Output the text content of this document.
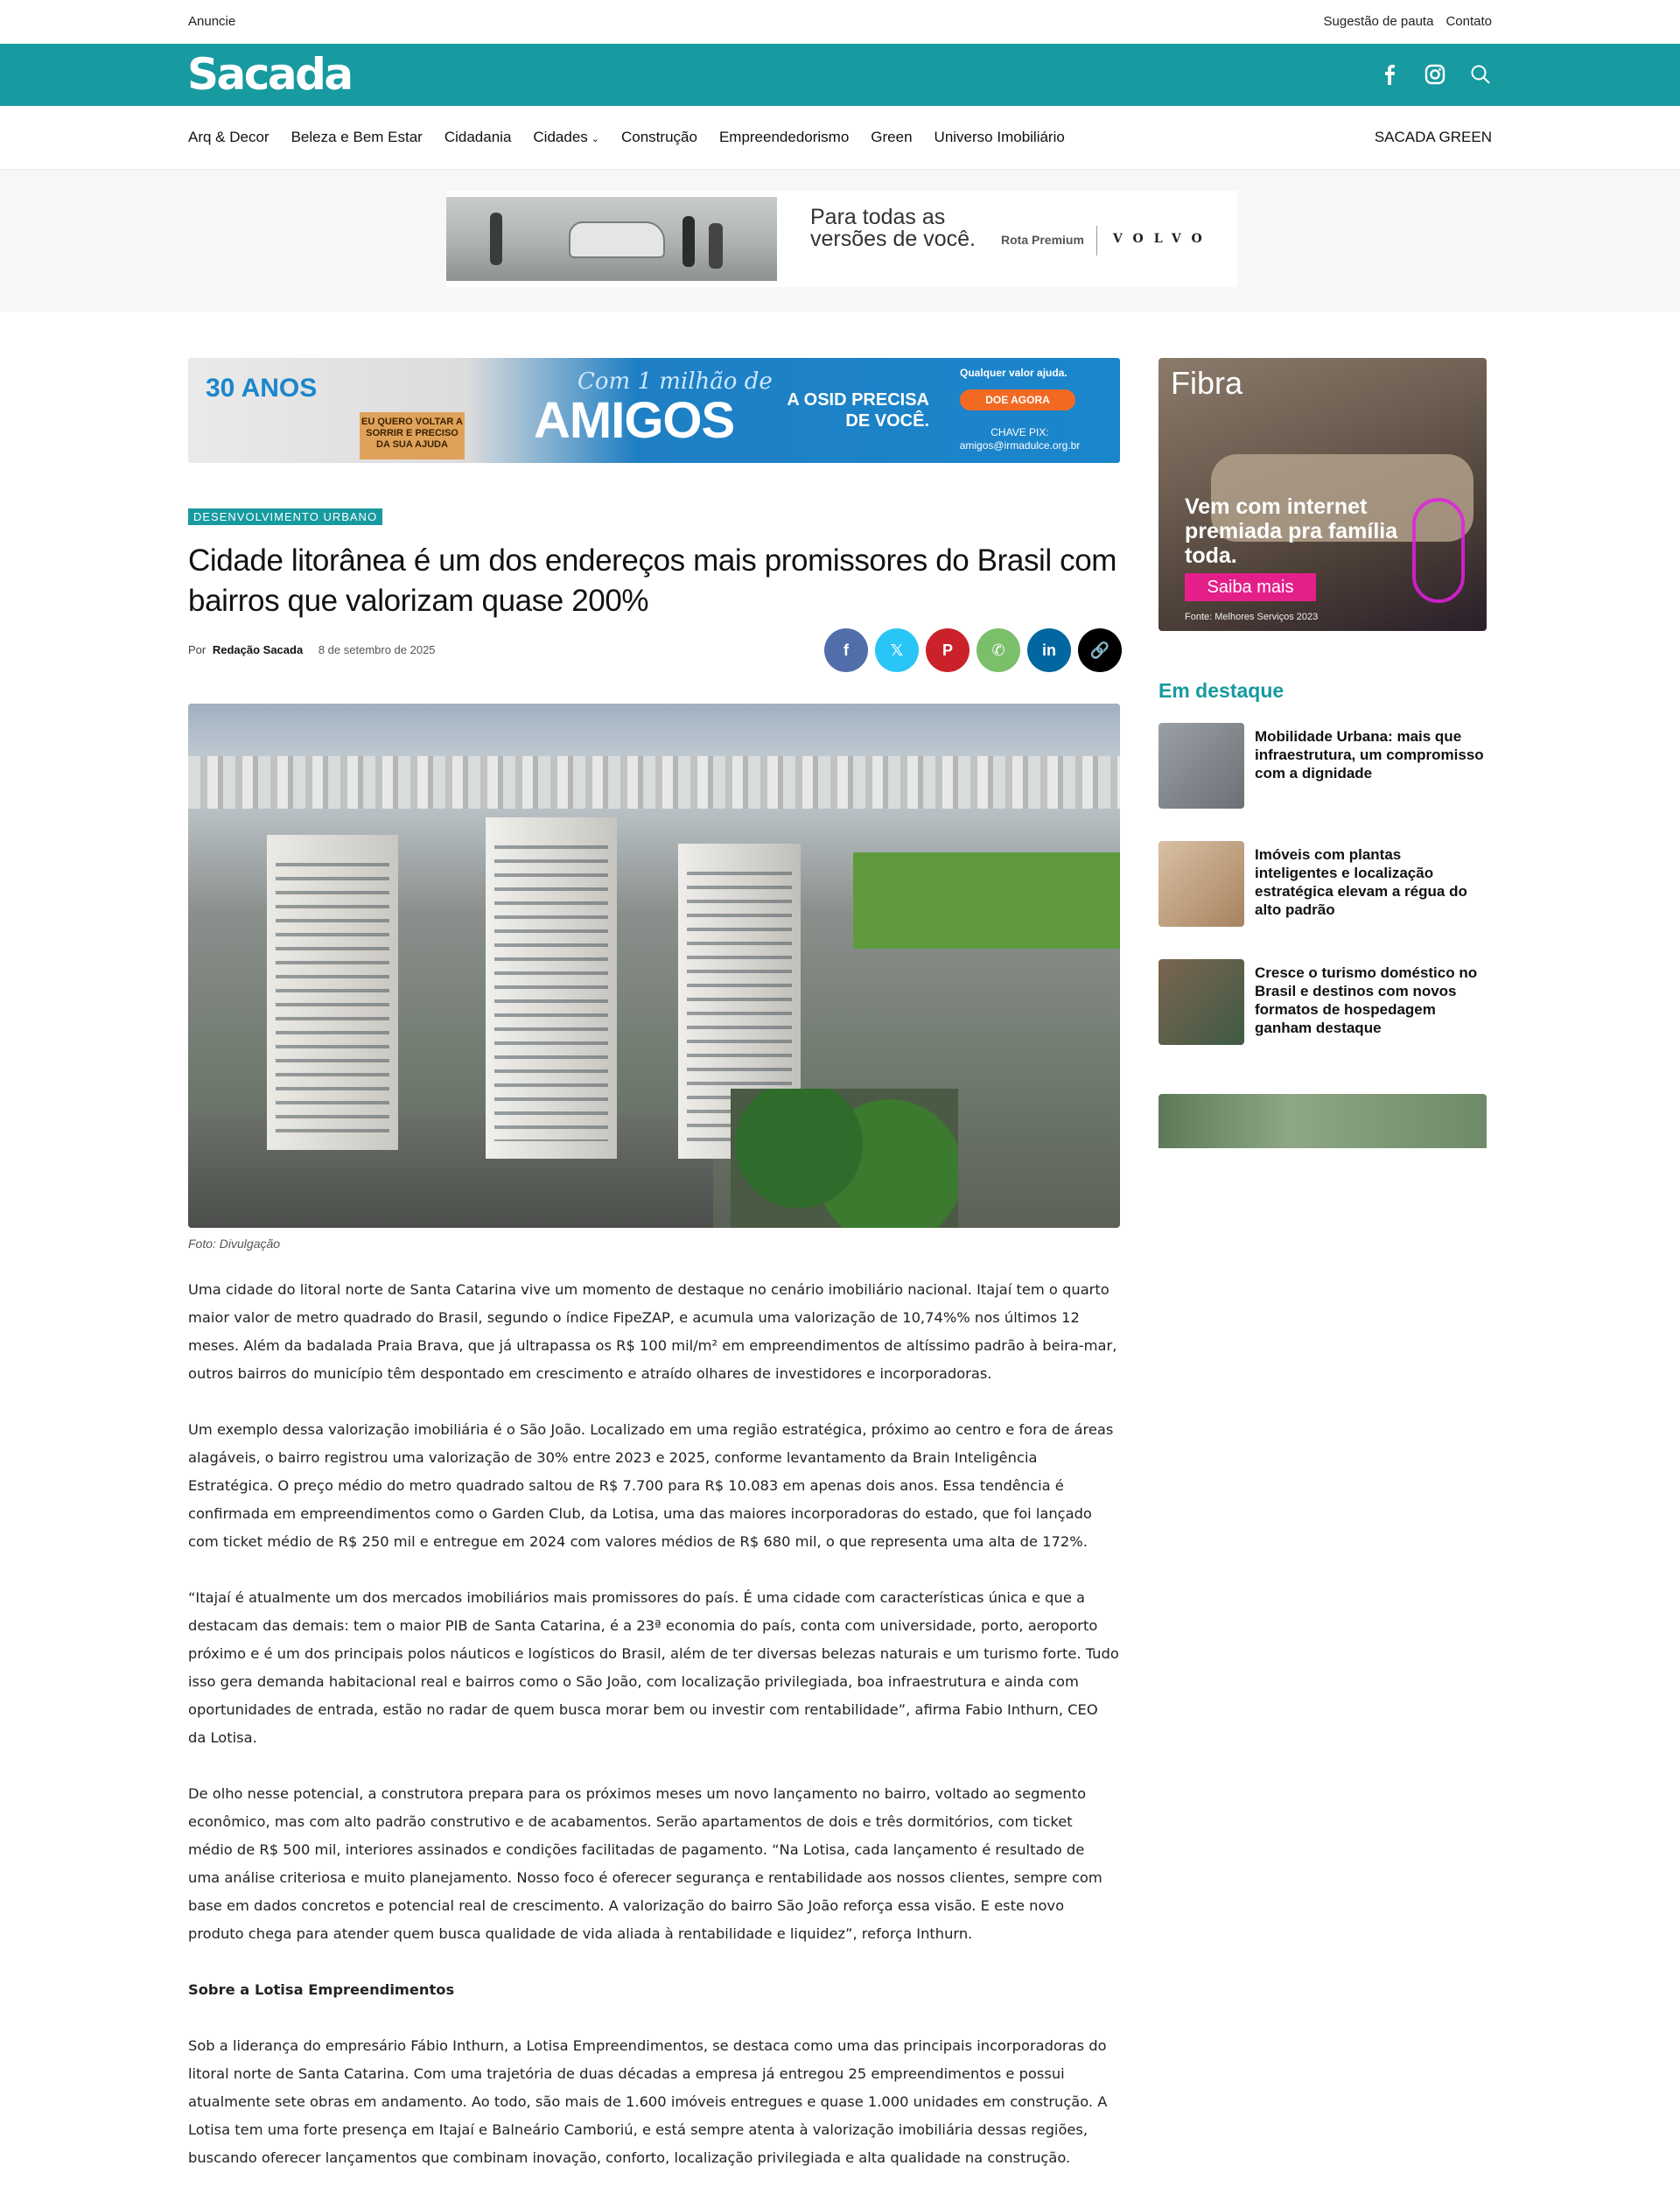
Anuncie	Sugestão de pauta Contato
Sacada
Arq & Decor Beleza e Bem Estar Cidadania Cidades ⌄ Construção Empreendedorismo Green Universo Imobiliário	SACADA GREEN
Para todas as versões de você. Rota Premium VOLVO
30 ANOS
EU QUERO VOLTAR A SORRIR E PRECISO DA SUA AJUDA
Com 1 milhão de
AMIGOS	A OSID PRECISA DE VOCÊ.
Qualquer valor ajuda.
DOE AGORA
CHAVE PIX:
amigos@irmadulce.org.br
DESENVOLVIMENTO URBANO
Cidade litorânea é um dos endereços mais promissores do Brasil com bairros que valorizam quase 200%
Por Redação Sacada 8 de setembro de 2025	f	𝕏	P	✆	in	🔗
Foto: Divulgação

Uma cidade do litoral norte de Santa Catarina vive um momento de destaque no cenário imobiliário nacional. Itajaí tem o quarto maior valor de metro quadrado do Brasil, segundo o índice FipeZAP, e acumula uma valorização de 10,74%% nos últimos 12 meses. Além da badalada Praia Brava, que já ultrapassa os R$ 100 mil/m² em empreendimentos de altíssimo padrão à beira-mar, outros bairros do município têm despontado em crescimento e atraído olhares de investidores e incorporadoras.

Um exemplo dessa valorização imobiliária é o São João. Localizado em uma região estratégica, próximo ao centro e fora de áreas alagáveis, o bairro registrou uma valorização de 30% entre 2023 e 2025, conforme levantamento da Brain Inteligência Estratégica. O preço médio do metro quadrado saltou de R$ 7.700 para R$ 10.083 em apenas dois anos. Essa tendência é confirmada em empreendimentos como o Garden Club, da Lotisa, uma das maiores incorporadoras do estado, que foi lançado com ticket médio de R$ 250 mil e entregue em 2024 com valores médios de R$ 680 mil, o que representa uma alta de 172%.

“Itajaí é atualmente um dos mercados imobiliários mais promissores do país. É uma cidade com características única e que a destacam das demais: tem o maior PIB de Santa Catarina, é a 23ª economia do país, conta com universidade, porto, aeroporto próximo e é um dos principais polos náuticos e logísticos do Brasil, além de ter diversas belezas naturais e um turismo forte. Tudo isso gera demanda habitacional real e bairros como o São João, com localização privilegiada, boa infraestrutura e ainda com oportunidades de entrada, estão no radar de quem busca morar bem ou investir com rentabilidade”, afirma Fabio Inthurn, CEO da Lotisa.

De olho nesse potencial, a construtora prepara para os próximos meses um novo lançamento no bairro, voltado ao segmento econômico, mas com alto padrão construtivo e de acabamentos. Serão apartamentos de dois e três dormitórios, com ticket médio de R$ 500 mil, interiores assinados e condições facilitadas de pagamento. “Na Lotisa, cada lançamento é resultado de uma análise criteriosa e muito planejamento. Nosso foco é oferecer segurança e rentabilidade aos nossos clientes, sempre com base em dados concretos e potencial real de crescimento. A valorização do bairro São João reforça essa visão. E este novo produto chega para atender quem busca qualidade de vida aliada à rentabilidade e liquidez”, reforça Inthurn.

Sobre a Lotisa Empreendimentos

Sob a liderança do empresário Fábio Inthurn, a Lotisa Empreendimentos, se destaca como uma das principais incorporadoras do litoral norte de Santa Catarina. Com uma trajetória de duas décadas a empresa já entregou 25 empreendimentos e possui atualmente sete obras em andamento. Ao todo, são mais de 1.600 imóveis entregues e quase 1.000 unidades em construção. A Lotisa tem uma forte presença em Itajaí e Balneário Camboriú, e está sempre atenta à valorização imobiliária dessas regiões, buscando oferecer lançamentos que combinam inovação, conforto, localização privilegiada e alta qualidade na construção.

Fibra
Vem com internet premiada pra família toda.
Saiba mais
Fonte: Melhores Serviços 2023
Em destaque
Mobilidade Urbana: mais que infraestrutura, um compromisso com a dignidade
Imóveis com plantas inteligentes e localização estratégica elevam a régua do alto padrão
Cresce o turismo doméstico no Brasil e destinos com novos formatos de hospedagem ganham destaque
